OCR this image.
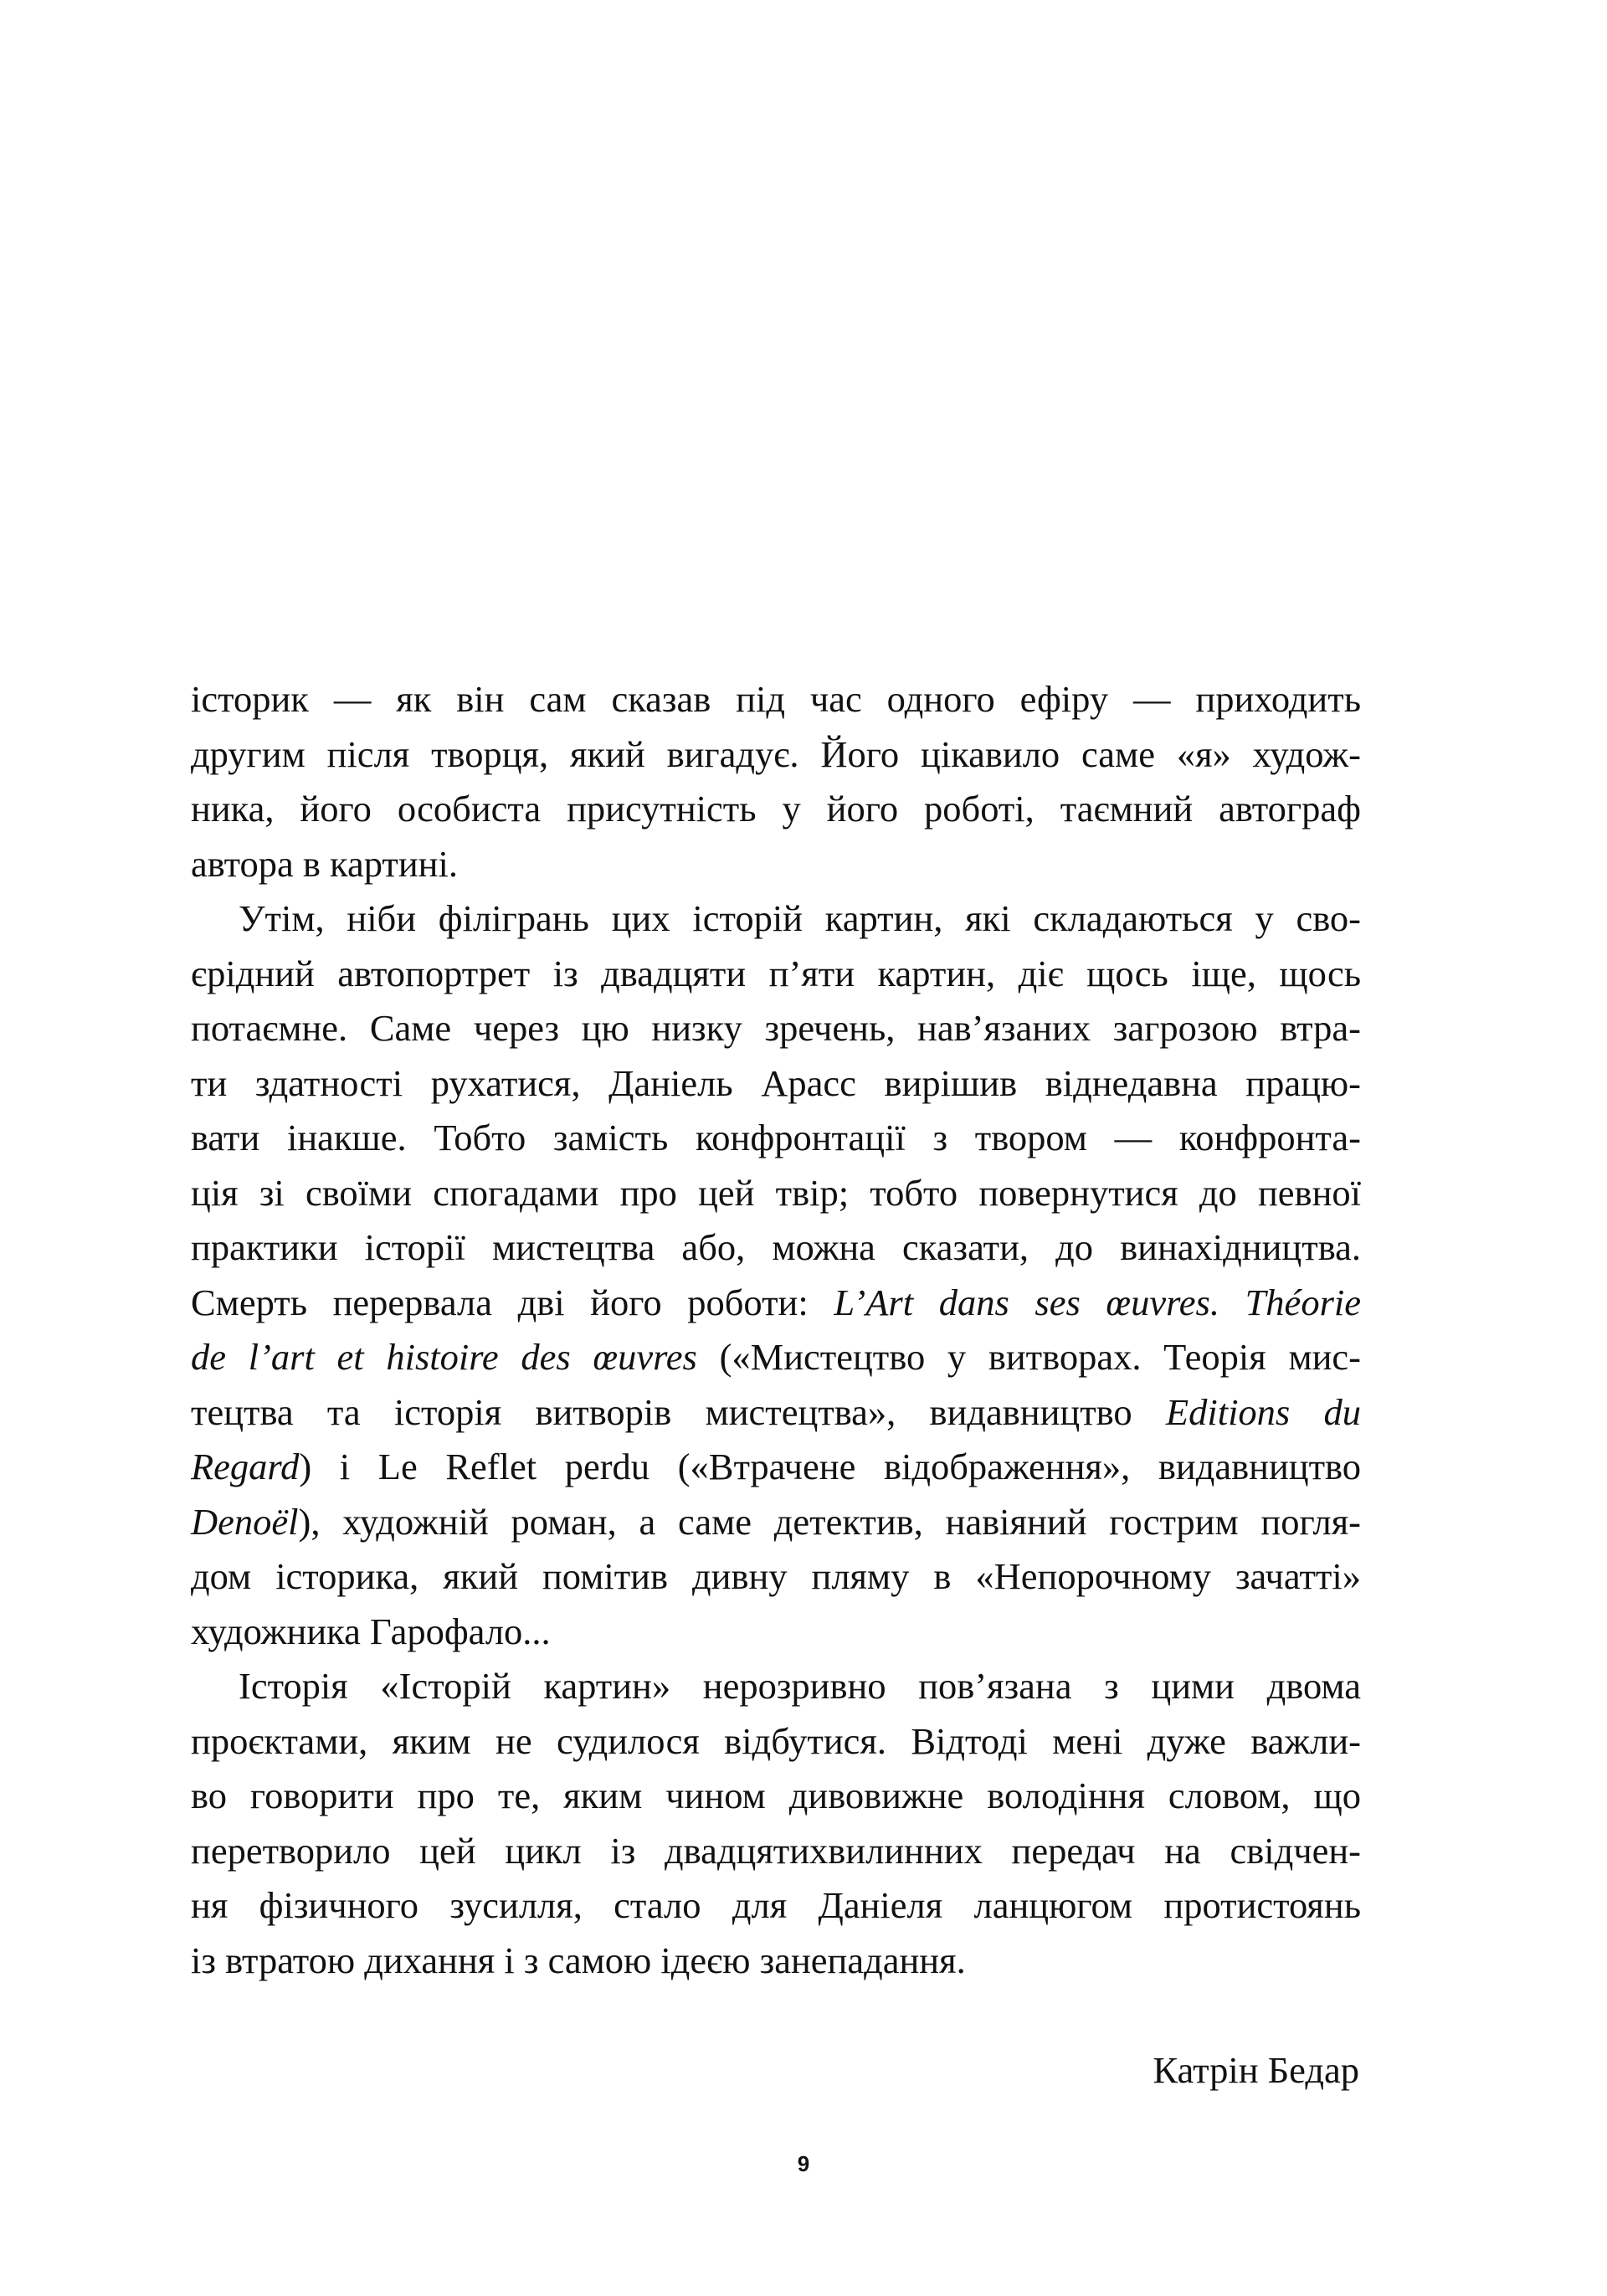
історик — як він сам сказав під час одного ефіру — приходить
другим після творця, який вигадує. Його цікавило саме «я» худож-
ника, його особиста присутність у його роботі, таємний автограф
автора в картині.
Утім, ніби філігрань цих історій картин, які складаються у сво-
єрідний автопортрет із двадцяти п’яти картин, діє щось іще, щось
потаємне. Саме через цю низку зречень, нав’язаних загрозою втра-
ти здатності рухатися, Даніель Арасс вирішив віднедавна працю-
вати інакше. Тобто замість конфронтації з твором — конфронта-
ція зі своїми спогадами про цей твір; тобто повернутися до певної
практики історії мистецтва або, можна сказати, до винахідництва.
Смерть перервала дві його роботи: L’Art dans ses œuvres. Théorie
de l’art et histoire des œuvres («Мистецтво у витворах. Теорія мис-
тецтва та історія витворів мистецтва», видавництво Editions du
Regard) і Le Reflet perdu («Втрачене відображення», видавництво
Denoël), художній роман, а саме детектив, навіяний гострим погля-
дом історика, який помітив дивну пляму в «Непорочному зачатті»
художника Гарофало...
Історія «Історій картин» нерозривно пов’язана з цими двома
проєктами, яким не судилося відбутися. Відтоді мені дуже важли-
во говорити про те, яким чином дивовижне володіння словом, що
перетворило цей цикл із двадцятихвилинних передач на свідчен-
ня фізичного зусилля, стало для Даніеля ланцюгом протистоянь
із втратою дихання і з самою ідеєю занепадання.
Катрін Бедар
9
